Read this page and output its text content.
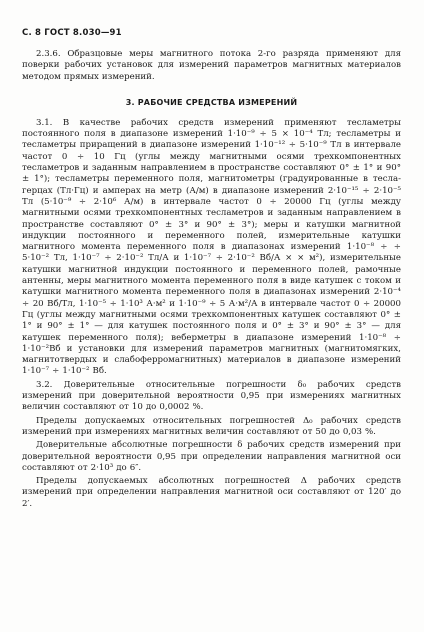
С. 8 ГОСТ 8.030—91

2.3.6. Образцовые меры магнитного потока 2-го разряда применяют для поверки рабочих установок для измерений параметров магнитных материалов методом прямых измерений.

3. РАБОЧИЕ СРЕДСТВА ИЗМЕРЕНИЙ

3.1. В качестве рабочих средств измерений применяют тесламетры постоянного поля в диапазоне измерений 1·10⁻⁹ ÷ 5 × 10⁻⁴ Тл; тесламетры и тесламетры приращений в диапазоне измерений 1·10⁻¹² ÷ 5·10⁻⁹ Тл в интервале частот 0 ÷ 10 Гц (углы между магнитными осями трехкомпонентных тесламетров и заданным направлением в пространстве составляют 0° ± 1° и 90° ± 1°); тесламетры переменного поля, магнитометры (градуированные в тесла-герцах (Тл·Гц) и амперах на метр (А/м) в диапазоне измерений 2·10⁻¹⁵ ÷ 2·10⁻⁵ Тл (5·10⁻⁹ ÷ 2·10⁶ А/м) в интервале частот 0 ÷ 20000 Гц (углы между магнитными осями трехкомпонентных тесламетров и заданным направлением в пространстве составляют 0° ± 3° и 90° ± 3°); меры и катушки магнитной индукции постоянного и переменного полей, измерительные катушки магнитного момента переменного поля в диапазонах измерений 1·10⁻⁸ ÷ ÷ 5·10⁻² Тл, 1·10⁻⁷ ÷ 2·10⁻² Тл/А и 1·10⁻⁷ ÷ 2·10⁻² Вб/А × × м²), измерительные катушки магнитной индукции постоянного и переменного полей, рамочные антенны, меры магнитного момента переменного поля в виде катушек с током и катушки магнитного момента переменного поля в диапазонах измерений 2·10⁻⁴ ÷ 20 Вб/Тл, 1·10⁻⁵ ÷ 1·10³ А·м² и 1·10⁻⁹ ÷ 5 А·м²/А в интервале частот 0 ÷ 20000 Гц (углы между магнитными осями трехкомпонентных катушек составляют 0° ± 1° и 90° ± 1° — для катушек постоянного поля и 0° ± 3° и 90° ± 3° — для катушек переменного поля); веберметры в диапазоне измерений 1·10⁻⁸ ÷ 1·10⁻²Вб и установки для измерений параметров магнитных (магнитомягких, магнитотвердых и слабоферромагнитных) материалов в диапазоне измерений 1·10⁻⁷ ÷ 1·10⁻² Вб.

3.2. Доверительные относительные погрешности δ₀ рабочих средств измерений при доверительной вероятности 0,95 при измерениях магнитных величин составляют от 10 до 0,0002 %.

Пределы допускаемых относительных погрешностей Δ₀ рабочих средств измерений при измерениях магнитных величин составляют от 50 до 0,03 %.

Доверительные абсолютные погрешности δ рабочих средств измерений при доверительной вероятности 0,95 при определении направления магнитной оси составляют от 2·10³ до 6″.

Пределы допускаемых абсолютных погрешностей Δ рабочих средств измерений при определении направления магнитной оси составляют от 120′ до 2′.
